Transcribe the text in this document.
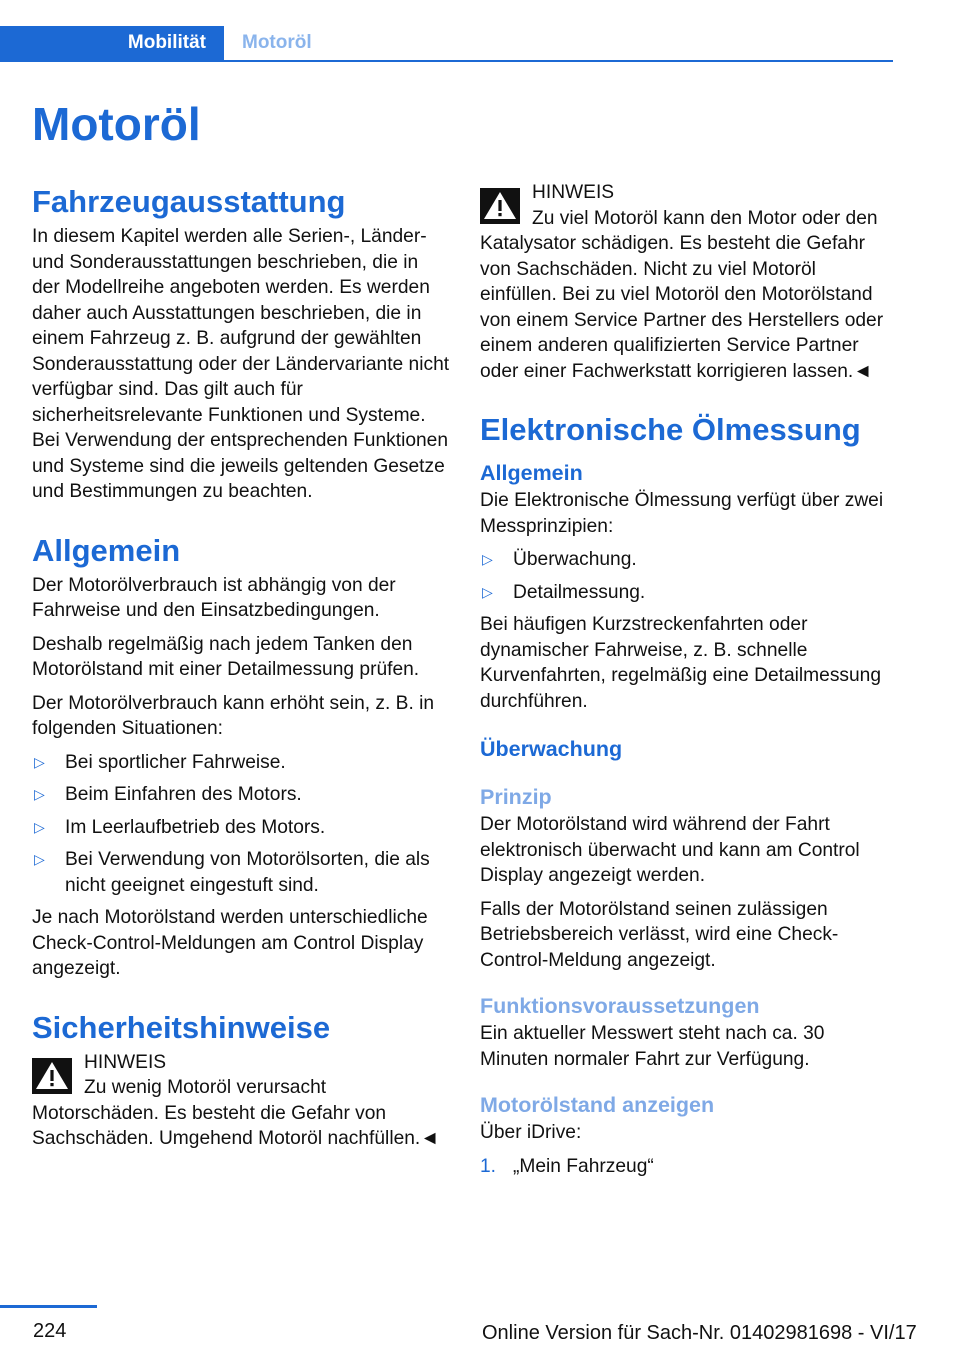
Mobilität	Motoröl
Motoröl
Fahrzeugausstattung

In diesem Kapitel werden alle Serien-, Länder- und Sonderausstattungen beschrieben, die in der Modellreihe angeboten werden. Es werden daher auch Ausstattungen beschrieben, die in einem Fahrzeug z. B. aufgrund der gewählten Sonderausstattung oder der Ländervariante nicht verfügbar sind. Das gilt auch für sicherheitsrelevante Funktionen und Systeme. Bei Verwendung der entsprechenden Funktionen und Systeme sind die jeweils geltenden Gesetze und Bestimmungen zu beachten.

Allgemein

Der Motorölverbrauch ist abhängig von der Fahrweise und den Einsatzbedingungen.

Deshalb regelmäßig nach jedem Tanken den Motorölstand mit einer Detailmessung prüfen.

Der Motorölverbrauch kann erhöht sein, z. B. in folgenden Situationen:

▷ Bei sportlicher Fahrweise.
▷ Beim Einfahren des Motors.
▷ Im Leerlaufbetrieb des Motors.
▷ Bei Verwendung von Motorölsorten, die als nicht geeignet eingestuft sind.

Je nach Motorölstand werden unterschiedliche Check-Control-Meldungen am Control Display angezeigt.

Sicherheitshinweise

HINWEIS

Zu wenig Motoröl verursacht Motorschäden. Es besteht die Gefahr von Sachschäden. Umgehend Motoröl nachfüllen.◄

HINWEIS

Zu viel Motoröl kann den Motor oder den Katalysator schädigen. Es besteht die Gefahr von Sachschäden. Nicht zu viel Motoröl einfüllen. Bei zu viel Motoröl den Motorölstand von einem Service Partner des Herstellers oder einem anderen qualifizierten Service Partner oder einer Fachwerkstatt korrigieren lassen.◄

Elektronische Ölmessung
Allgemein

Die Elektronische Ölmessung verfügt über zwei Messprinzipien:

▷ Überwachung.
▷ Detailmessung.

Bei häufigen Kurzstreckenfahrten oder dynamischer Fahrweise, z. B. schnelle Kurvenfahrten, regelmäßig eine Detailmessung durchführen.

Überwachung
Prinzip

Der Motorölstand wird während der Fahrt elektronisch überwacht und kann am Control Display angezeigt werden.

Falls der Motorölstand seinen zulässigen Betriebsbereich verlässt, wird eine Check-Control-Meldung angezeigt.

Funktionsvoraussetzungen

Ein aktueller Messwert steht nach ca. 30 Minuten normaler Fahrt zur Verfügung.

Motorölstand anzeigen

Über iDrive:

1. „Mein Fahrzeug“
224	Online Version für Sach-Nr. 01402981698 - VI/17
